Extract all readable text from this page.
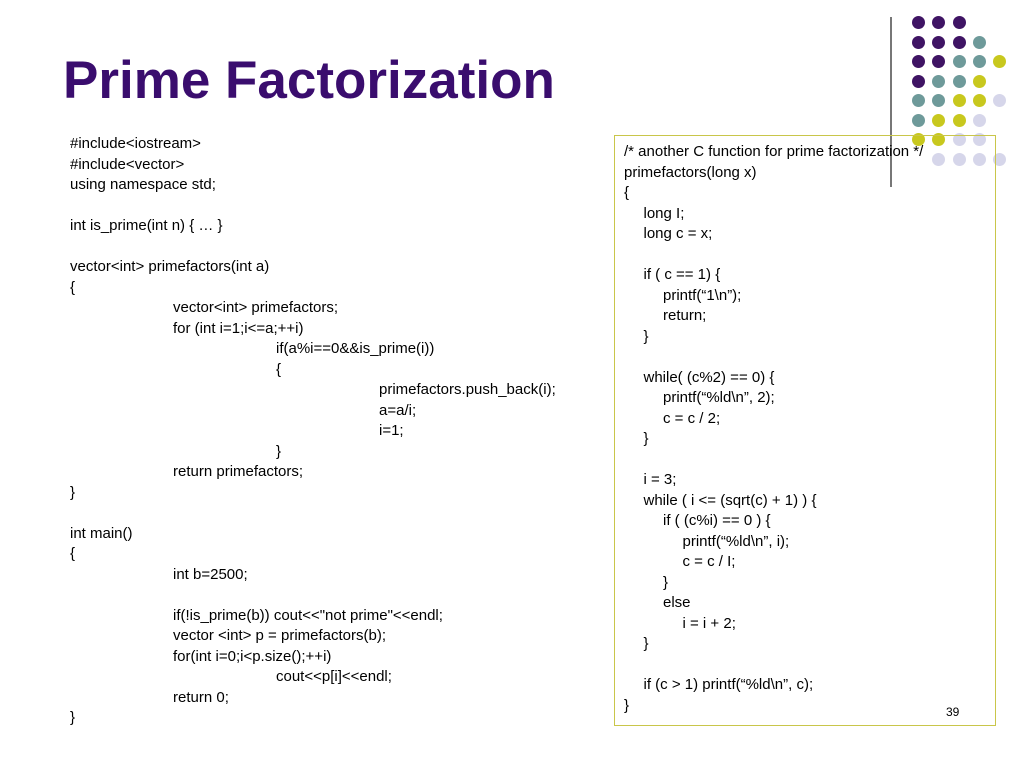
Prime Factorization
#include<iostream>
#include<vector>
using namespace std;
int is_prime(int n) { … }
vector<int> primefactors(int a)
{
vector<int> primefactors;
for (int i=1;i<=a;++i)
if(a%i==0&&is_prime(i))
{
primefactors.push_back(i);
a=a/i;
i=1;
}
return primefactors;
}
int main()
{
int b=2500;
if(!is_prime(b)) cout<<"not prime"<<endl;
vector <int> p = primefactors(b);
for(int i=0;i<p.size();++i)
cout<<p[i]<<endl;
return 0;
}
/* another C function for prime factorization */
primefactors(long x)
{
long I;
long c = x;
if ( c == 1) {
printf(“1\n”);
return;
}
while( (c%2) == 0) {
printf(“%ld\n”, 2);
c = c / 2;
}
i = 3;
while ( i <= (sqrt(c) + 1) ) {
if ( (c%i) == 0 ) {
printf(“%ld\n”, i);
c = c / I;
}
else
i = i + 2;
}
if (c > 1) printf(“%ld\n”, c);
}	39
